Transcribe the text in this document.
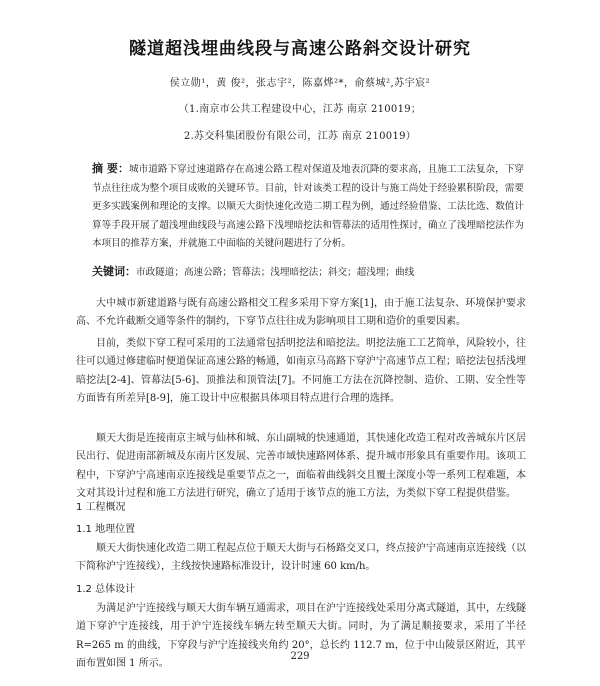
隧道超浅埋曲线段与高速公路斜交设计研究
侯立勋¹，黄 俊²，张志宇²，陈嘉烨²*，俞蔡城²,苏宇宸²
（1.南京市公共工程建设中心，江苏 南京 210019；
2.苏交科集团股份有限公司，江苏 南京 210019）
摘 要：城市道路下穿过速道路存在高速公路工程对保道及地表沉降的要求高，且施工工法复杂，下穿节点往往成为整个项目成败的关键环节。目前，针对该类工程的设计与施工尚处于经验累积阶段，需要更多实践案例和理论的支撑。以顺天大街快速化改造二期工程为例，通过经验借鉴、工法比选、数值计算等手段开展了超浅埋曲线段与高速公路下浅埋暗挖法和管幕法的适用性探讨，确立了浅埋暗挖法作为本项目的推荐方案，并就施工中面临的关键问题进行了分析。
关键词：市政隧道；高速公路；管幕法；浅埋暗挖法；斜交；超浅埋；曲线
大中城市新建道路与既有高速公路相交工程多采用下穿方案[1]，由于施工法复杂、环境保护要求高、不允许截断交通等条件的制约，下穿节点往往成为影响项目工期和造价的重要因素。
目前，类似下穿工程可采用的工法通常包括明挖法和暗挖法。明挖法施工工艺简单，风险较小，往往可以通过修建临时便道保证高速公路的畅通，如南京马高路下穿沪宁高速节点工程；暗挖法包括浅埋暗挖法[2-4]、管幕法[5-6]、顶推法和顶管法[7]。不同施工方法在沉降控制、造价、工期、安全性等方面皆有所差异[8-9]，施工设计中应根据具体项目特点进行合理的选择。
顺天大街是连接南京主城与仙林和城、东山副城的快速通道，其快速化改造工程对改善城东片区居民出行、促进南部新城及东南片区发展、完善市域快速路网体系、提升城市形象具有重要作用。该项工程中，下穿沪宁高速南京连接线是重要节点之一，面临着曲线斜交且覆土深度小等一系列工程难题，本文对其设计过程和施工方法进行研究，确立了适用于该节点的施工方法，为类似下穿工程提供借鉴。
1 工程概况
1.1 地理位置
顺天大街快速化改造二期工程起点位于顺天大街与石杨路交叉口，终点接沪宁高速南京连接线（以下简称沪宁连接线），主线按快速路标准设计，设计时速 60 km/h。
1.2 总体设计
为满足沪宁连接线与顺天大街车辆互通需求，项目在沪宁连接线处采用分离式隧道，其中，左线隧道下穿沪宁连接线，用于沪宁连接线车辆左转至顺天大街。同时，为了满足顺接要求，采用了半径 R=265 m 的曲线，下穿段与沪宁连接线夹角约 20°，总长约 112.7 m，位于中山陵景区附近，其平面布置如图 1 所示。
229
